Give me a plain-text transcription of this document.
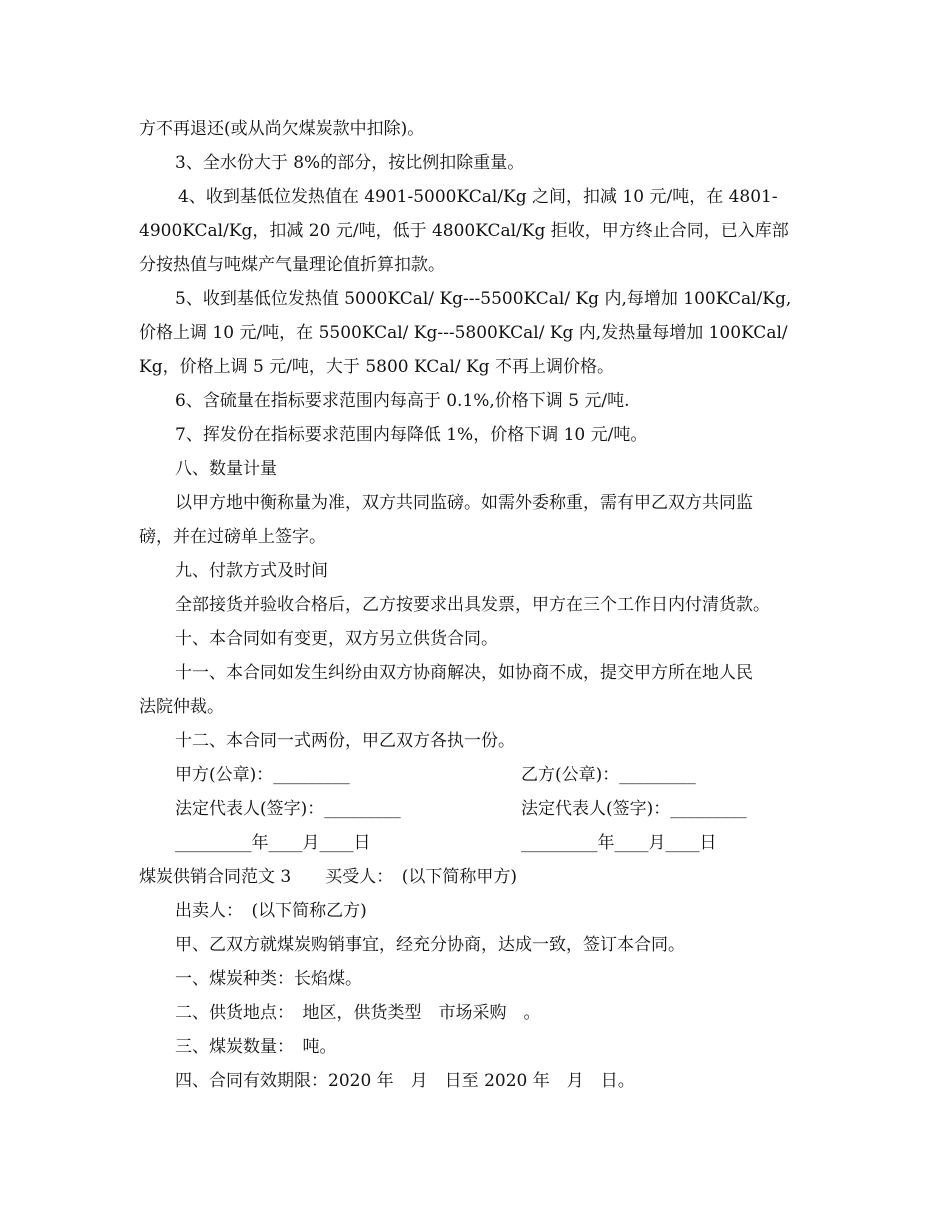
方不再退还(或从尚欠煤炭款中扣除)。
3、全水份大于 8%的部分，按比例扣除重量。
4、收到基低位发热值在 4901-5000KCal/Kg 之间，扣减 10 元/吨，在 4801-
4900KCal/Kg，扣减 20 元/吨，低于 4800KCal/Kg 拒收，甲方终止合同，已入库部
分按热值与吨煤产气量理论值折算扣款。
5、收到基低位发热值 5000KCal/ Kg---5500KCal/ Kg 内,每增加 100KCal/Kg,
价格上调 10 元/吨，在 5500KCal/ Kg---5800KCal/ Kg 内,发热量每增加 100KCal/
Kg，价格上调 5 元/吨，大于 5800 KCal/ Kg 不再上调价格。
6、含硫量在指标要求范围内每高于 0.1%,价格下调 5 元/吨.
7、挥发份在指标要求范围内每降低 1%，价格下调 10 元/吨。
八、数量计量
以甲方地中衡称量为准，双方共同监磅。如需外委称重，需有甲乙双方共同监
磅，并在过磅单上签字。
九、付款方式及时间
全部接货并验收合格后，乙方按要求出具发票，甲方在三个工作日内付清货款。
十、本合同如有变更，双方另立供货合同。
十一、本合同如发生纠纷由双方协商解决，如协商不成，提交甲方所在地人民
法院仲裁。
十二、本合同一式两份，甲乙双方各执一份。
甲方(公章)：_________	乙方(公章)：_________
法定代表人(签字)：_________	法定代表人(签字)：_________
_________年____月____日	_________年____月____日
煤炭供销合同范文 3　　买受人：　(以下简称甲方)
出卖人：　(以下简称乙方)
甲、乙双方就煤炭购销事宜，经充分协商，达成一致，签订本合同。
一、煤炭种类：长焰煤。
二、供货地点：　地区，供货类型　市场采购　。
三、煤炭数量：　吨。
四、合同有效期限：2020 年　月　日至 2020 年　月　日。
